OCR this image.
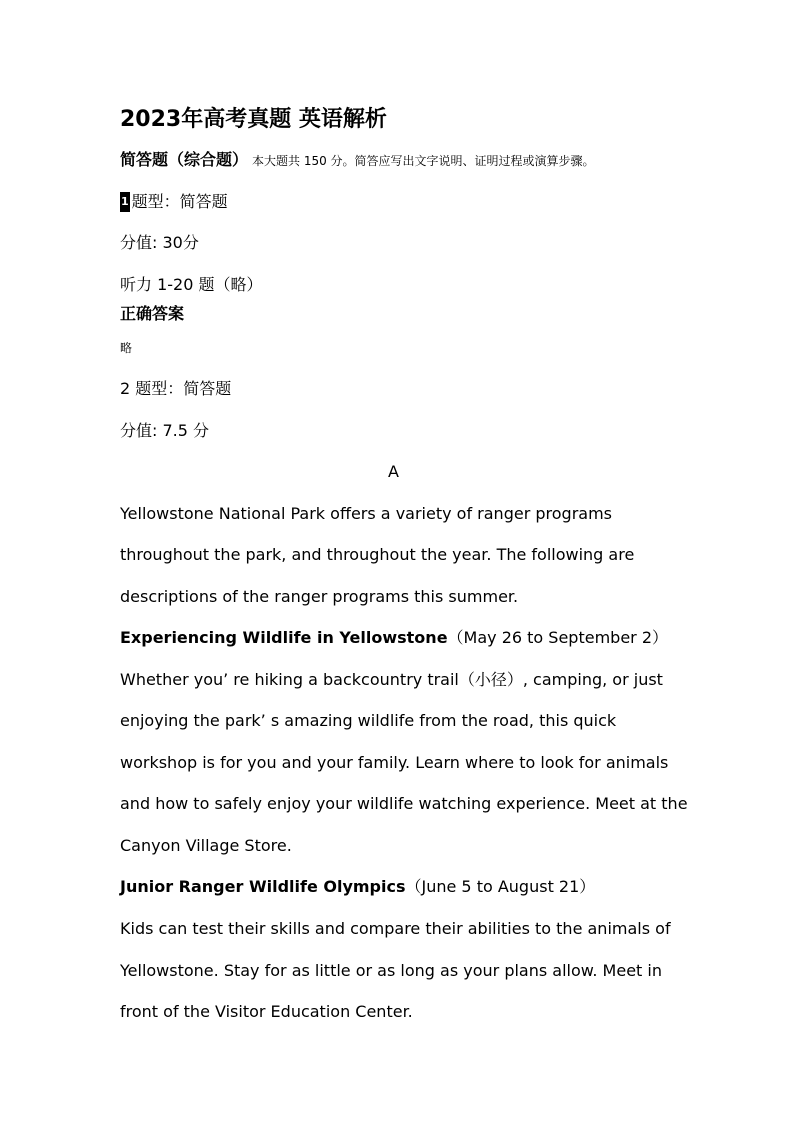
2023年高考真题 英语解析
简答题（综合题） 本大题共 150 分。简答应写出文字说明、证明过程或演算步骤。
1 题型：简答题
分值: 30分
听力 1-20 题（略）
正确答案
略
2 题型：简答题
分值: 7.5 分
A
Yellowstone National Park offers a variety of ranger programs
throughout the park, and throughout the year. The following are
descriptions of the ranger programs this summer.
Experiencing Wildlife in Yellowstone（May 26 to September 2）
Whether you’ re hiking a backcountry trail（小径）, camping, or just
enjoying the park’ s amazing wildlife from the road, this quick
workshop is for you and your family. Learn where to look for animals
and how to safely enjoy your wildlife watching experience. Meet at the
Canyon Village Store.
Junior Ranger Wildlife Olympics（June 5 to August 21）
Kids can test their skills and compare their abilities to the animals of
Yellowstone. Stay for as little or as long as your plans allow. Meet in
front of the Visitor Education Center.
